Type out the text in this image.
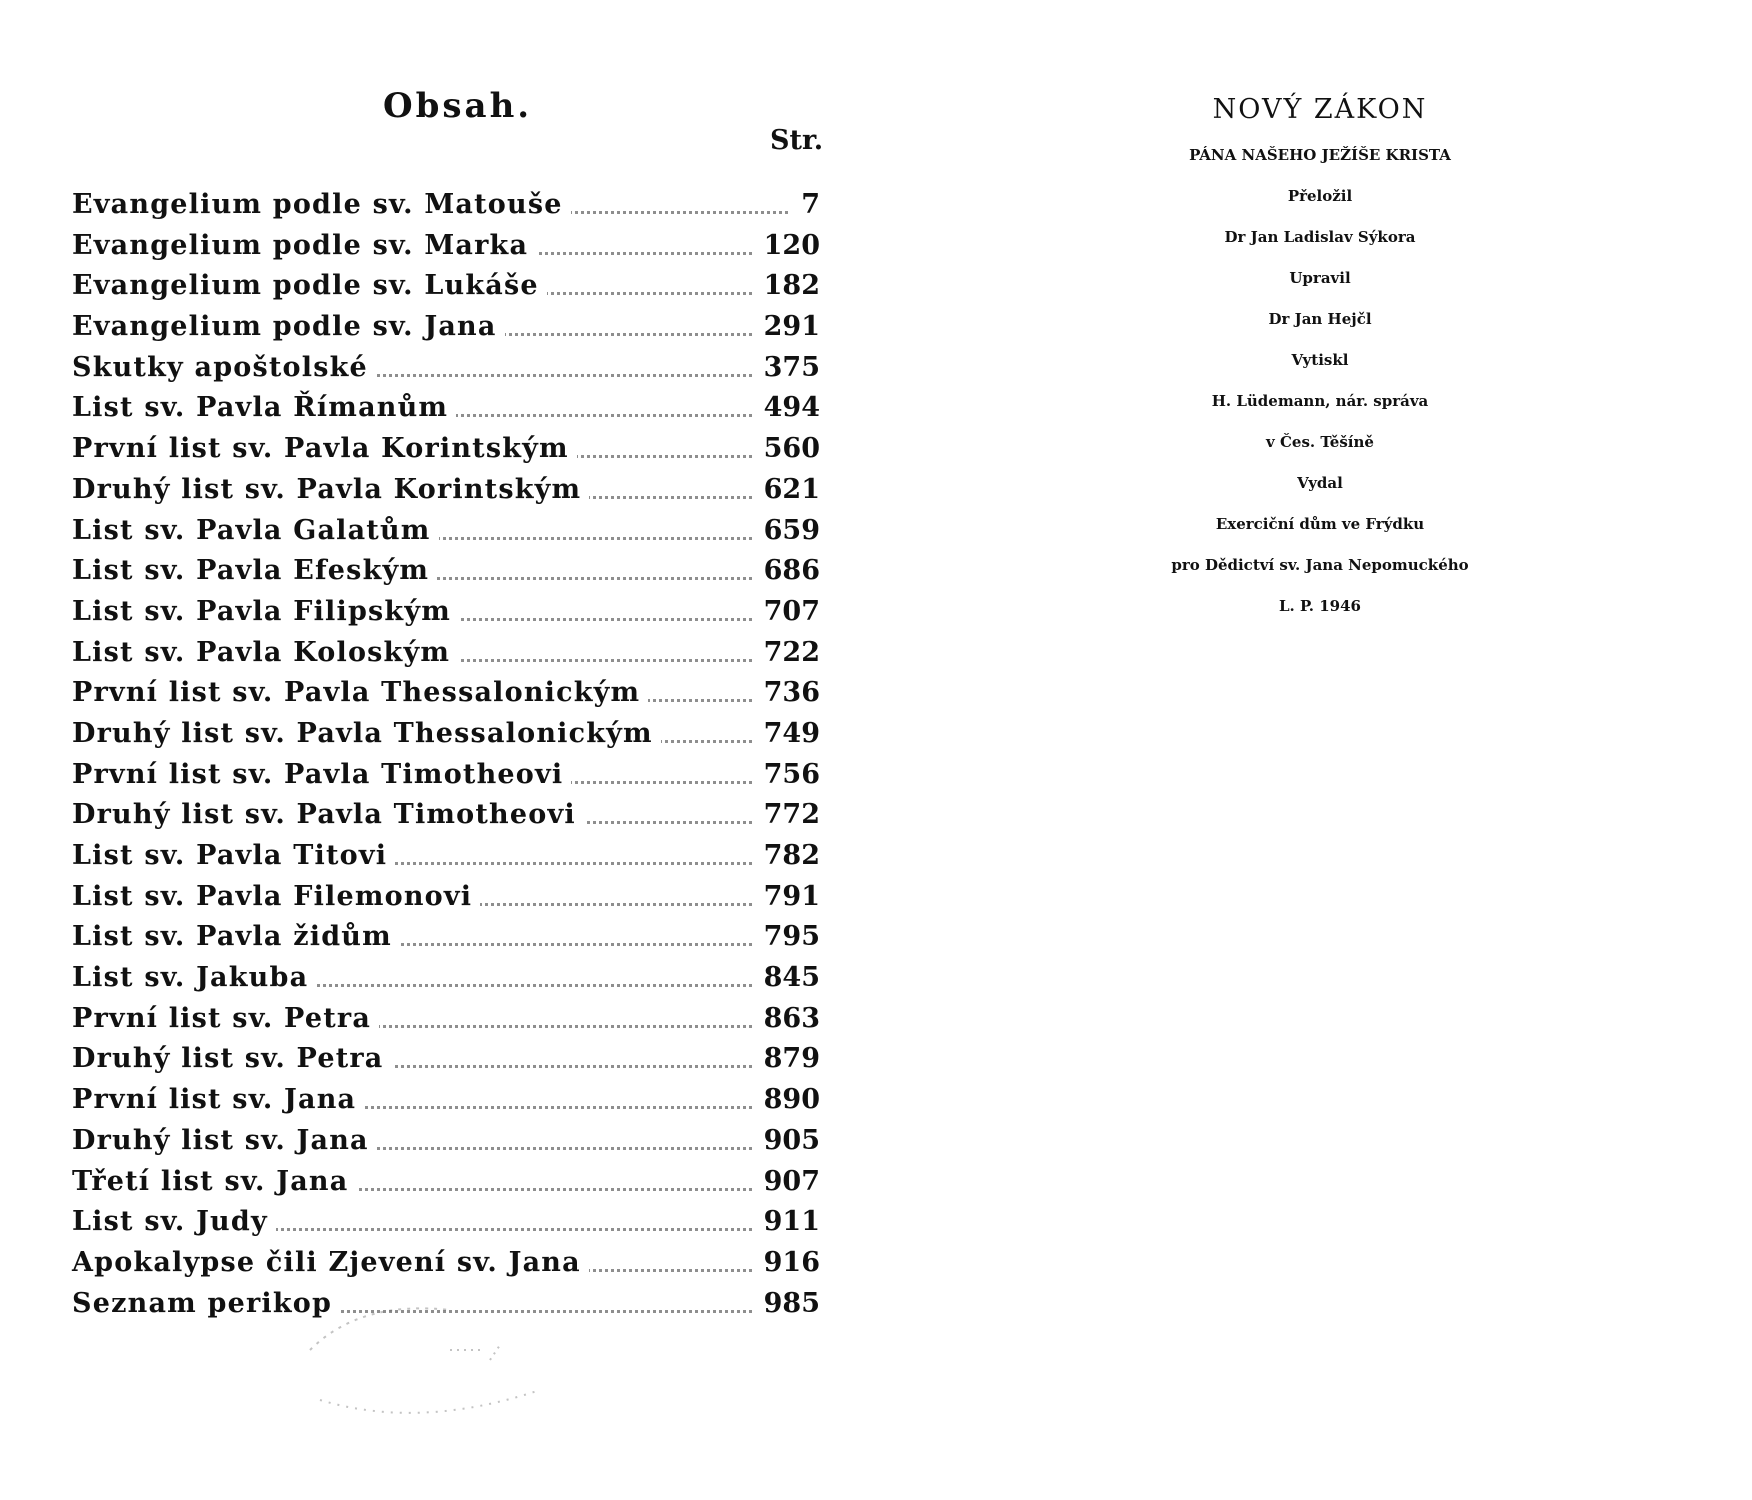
Obsah.
Str.
Evangelium podle sv. Matouše	7
Evangelium podle sv. Marka	120
Evangelium podle sv. Lukáše	182
Evangelium podle sv. Jana	291
Skutky apoštolské	375
List sv. Pavla Římanům	494
První list sv. Pavla Korintským	560
Druhý list sv. Pavla Korintským	621
List sv. Pavla Galatům	659
List sv. Pavla Efeským	686
List sv. Pavla Filipským	707
List sv. Pavla Koloským	722
První list sv. Pavla Thessalonickým	736
Druhý list sv. Pavla Thessalonickým	749
První list sv. Pavla Timotheovi	756
Druhý list sv. Pavla Timotheovi	772
List sv. Pavla Titovi	782
List sv. Pavla Filemonovi	791
List sv. Pavla židům	795
List sv. Jakuba	845
První list sv. Petra	863
Druhý list sv. Petra	879
První list sv. Jana	890
Druhý list sv. Jana	905
Třetí list sv. Jana	907
List sv. Judy	911
Apokalypse čili Zjevení sv. Jana	916
Seznam perikop	985
NOVÝ ZÁKON

PÁNA NAŠEHO JEŽÍŠE KRISTA

Přeložil

Dr Jan Ladislav Sýkora

Upravil

Dr Jan Hejčl

Vytiskl

H. Lüdemann, nár. správa

v Čes. Těšíně

Vydal

Exerciční dům ve Frýdku

pro Dědictví sv. Jana Nepomuckého

L. P. 1946
